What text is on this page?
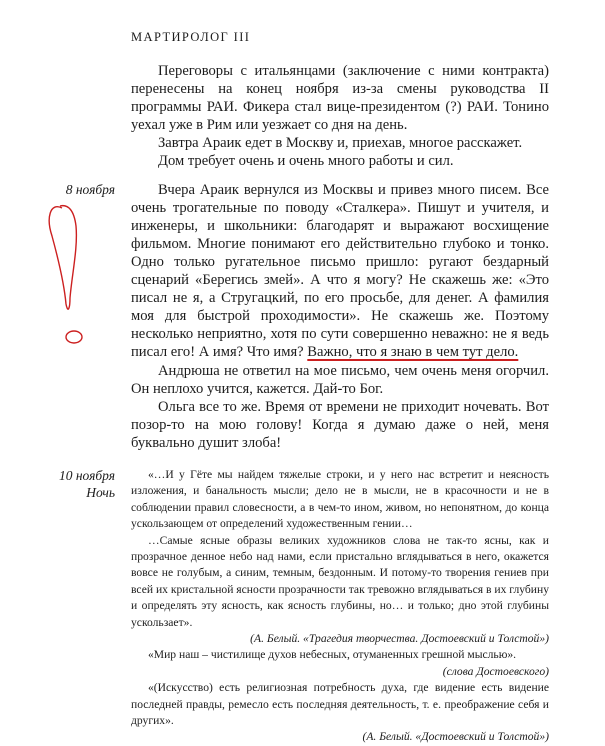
МАРТИРОЛОГ III

Переговоры с итальянцами (заключение с ними контракта) перенесены на конец ноября из-за смены руководства II программы РАИ. Фикера стал вице-президентом (?) РАИ. Тонино уехал уже в Рим или уезжает со дня на день.

Завтра Араик едет в Москву и, приехав, многое расскажет.

Дом требует очень и очень много работы и сил.

8 ноября	Вчера Араик вернулся из Москвы и привез много писем. Все очень трогательные по поводу «Сталкера». Пишут и учителя, и инженеры, и школьники: благодарят и выражают восхищение фильмом. Многие понимают его действительно глубоко и тонко. Одно только ругательное письмо пришло: ругают бездарный сценарий «Берегись змей». А что я могу? Не скажешь же: «Это писал не я, а Стругацкий, по его просьбе, для денег. А фамилия моя для быстрой проходимости». Не скажешь же. Поэтому несколько неприятно, хотя по сути совершенно неважно: не я ведь писал его! А имя? Что имя? Важно, что я знаю в чем тут дело.

Андрюша не ответил на мое письмо, чем очень меня огорчил. Он неплохо учится, кажется. Дай-то Бог.

Ольга все то же. Время от времени не приходит ночевать. Вот позор-то на мою голову! Когда я думаю даже о ней, меня буквально душит злоба!

10 ноября
Ночь

«…И у Гёте мы найдем тяжелые строки, и у него нас встретит и неясность изложения, и банальность мысли; дело не в мысли, не в красочности и не в соблюдении правил словесности, а в чем-то ином, живом, но непонятном, до конца ускользающем от определений художественным гении…

…Самые ясные образы великих художников слова не так-то ясны, как и прозрачное денное небо над нами, если пристально вглядываться в него, окажется вовсе не голубым, а синим, темным, бездонным. И потому-то творения гениев при всей их кристальной ясности прозрачности так тревожно вглядываться в их глубину и определять эту ясность, как ясность глубины, но… и только; дно этой глубины ускользает».

(А. Белый. «Трагедия творчества. Достоевский и Толстой»)

«Мир наш – чистилище духов небесных, отуманенных грешной мыслью».

(слова Достоевского)

«(Искусство) есть религиозная потребность духа, где видение есть видение последней правды, ремесло есть последняя деятельность, т. е. преображение себя и других».

(А. Белый. «Достоевский и Толстой»)
